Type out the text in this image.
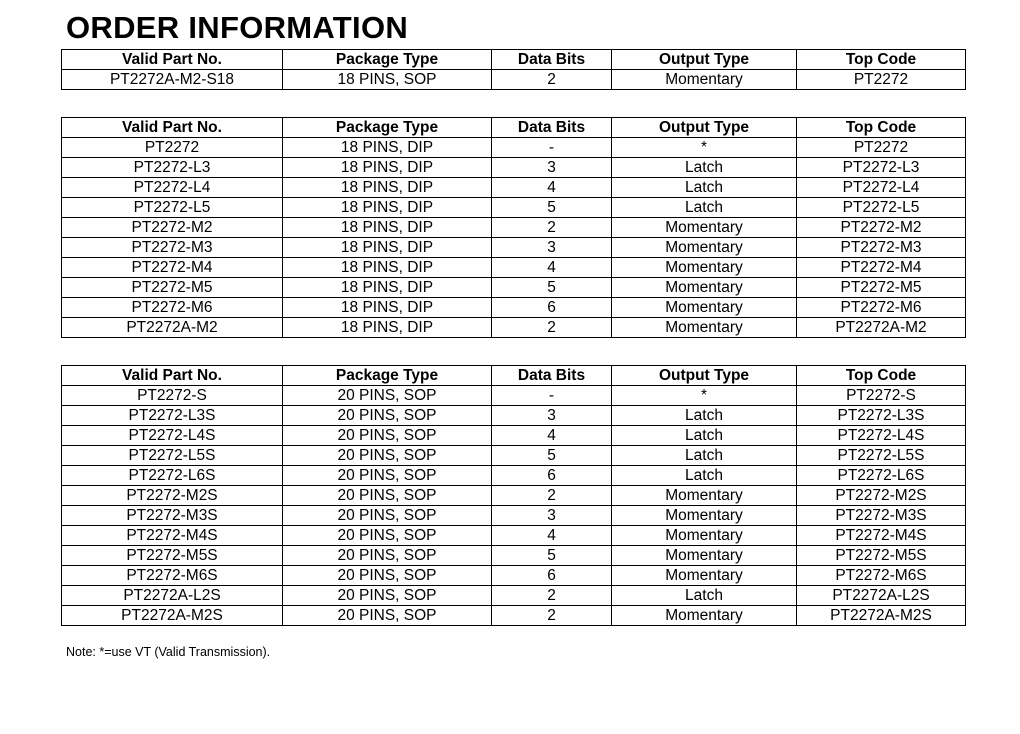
ORDER INFORMATION
Valid Part No.	Package Type	Data Bits	Output Type	Top Code
PT2272A-M2-S18	18 PINS, SOP	2	Momentary	PT2272
Valid Part No.	Package Type	Data Bits	Output Type	Top Code
PT2272	18 PINS, DIP	-	*	PT2272
PT2272-L3	18 PINS, DIP	3	Latch	PT2272-L3
PT2272-L4	18 PINS, DIP	4	Latch	PT2272-L4
PT2272-L5	18 PINS, DIP	5	Latch	PT2272-L5
PT2272-M2	18 PINS, DIP	2	Momentary	PT2272-M2
PT2272-M3	18 PINS, DIP	3	Momentary	PT2272-M3
PT2272-M4	18 PINS, DIP	4	Momentary	PT2272-M4
PT2272-M5	18 PINS, DIP	5	Momentary	PT2272-M5
PT2272-M6	18 PINS, DIP	6	Momentary	PT2272-M6
PT2272A-M2	18 PINS, DIP	2	Momentary	PT2272A-M2
Valid Part No.	Package Type	Data Bits	Output Type	Top Code
PT2272-S	20 PINS, SOP	-	*	PT2272-S
PT2272-L3S	20 PINS, SOP	3	Latch	PT2272-L3S
PT2272-L4S	20 PINS, SOP	4	Latch	PT2272-L4S
PT2272-L5S	20 PINS, SOP	5	Latch	PT2272-L5S
PT2272-L6S	20 PINS, SOP	6	Latch	PT2272-L6S
PT2272-M2S	20 PINS, SOP	2	Momentary	PT2272-M2S
PT2272-M3S	20 PINS, SOP	3	Momentary	PT2272-M3S
PT2272-M4S	20 PINS, SOP	4	Momentary	PT2272-M4S
PT2272-M5S	20 PINS, SOP	5	Momentary	PT2272-M5S
PT2272-M6S	20 PINS, SOP	6	Momentary	PT2272-M6S
PT2272A-L2S	20 PINS, SOP	2	Latch	PT2272A-L2S
PT2272A-M2S	20 PINS, SOP	2	Momentary	PT2272A-M2S
Note: *=use VT (Valid Transmission).
